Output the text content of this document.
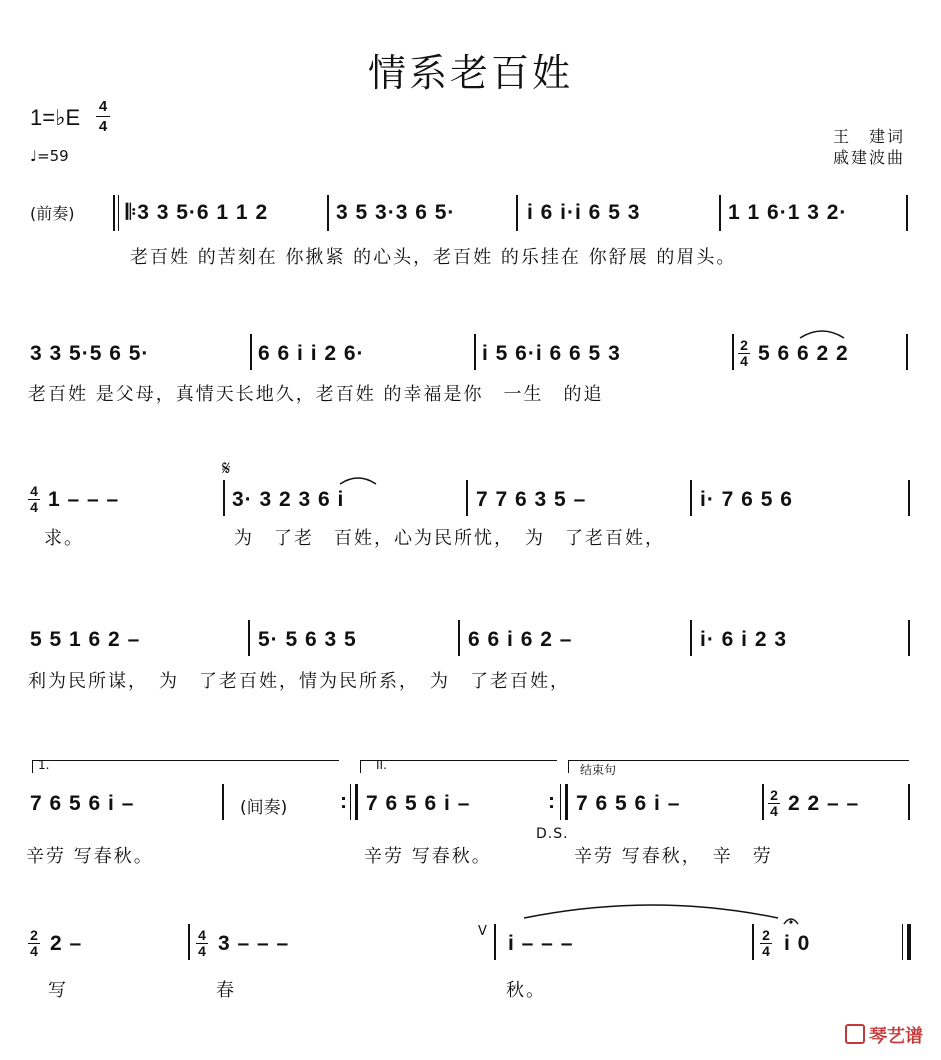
情系老百姓
1=♭E 4
4
♩=59
王　建词
戚建波曲
(前奏) 𝄆3 3 5·6 1 1 2	3 5 3·3 6 5·	i 6 i·i 6 5 3	1 1 6·1 3 2·
老百姓 的苦刻在 你揪紧 的心头，老百姓 的乐挂在 你舒展 的眉头。
3 3 5·5 6 5·	6 6 i i 2 6·	i 5 6·i 6 6 5 3	2
4 5 6 6 2 2
老百姓 是父母，真情天长地久，老百姓 的幸福是你　一生　的追
𝄋
4
4 1 – – –	3· 3 2 3 6 i	7 7 6 3 5 –	i· 7 6 5 6
求。	为　了老　百姓，心为民所忧，　为　了老百姓，
5 5 1 6 2 –	5· 5 6 3 5	6 6 i 6 2 –	i· 6 i 2 3
利为民所谋，　为　了老百姓，情为民所系，　为　了老百姓，
1.	II.	结束句
7 6 5 6 i –	(间奏)	: 7 6 5 6 i –	: 7 6 5 6 i –	2
4 2 2 – –
D.S.
辛劳 写春秋。	辛劳 写春秋。	辛劳 写春秋，　辛　劳
2
4 2 –	4
4 3 – – –
V
i – – –	2
4 i 0
写	春	秋。
琴艺谱
